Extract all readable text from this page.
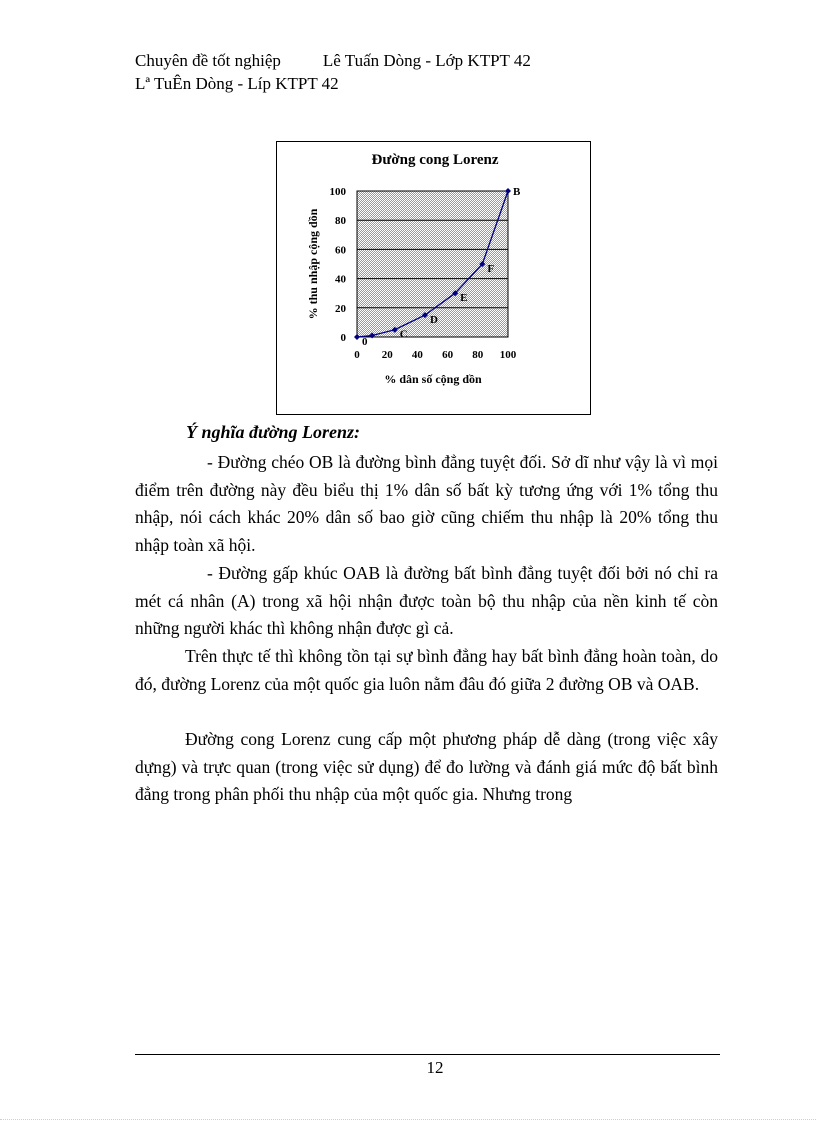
Chuyên đề tốt nghiệp Lê Tuấn Dòng - Lớp KTPT 42
Lª TuÊn Dòng - Líp KTPT 42
Đường cong Lorenz
0
20
40
60
80
100
0 20 40 60 80 100
0
C
D
E
F
B
% dân số cộng dồn
% thu nhập cộng dồn
Ý nghĩa đường Lorenz:

- Đường chéo OB là đường bình đẳng tuyệt đối. Sở dĩ như vậy là vì mọi điểm trên đường này đều biểu thị 1% dân số bất kỳ tương ứng với 1% tổng thu nhập, nói cách khác 20% dân số bao giờ cũng chiếm thu nhập là 20% tổng thu nhập toàn xã hội.

- Đường gấp khúc OAB là đường bất bình đẳng tuyệt đối bởi nó chỉ ra mét cá nhân (A) trong xã hội nhận được toàn bộ thu nhập của nền kinh tế còn những người khác thì không nhận được gì cả.

Trên thực tế thì không tồn tại sự bình đẳng hay bất bình đẳng hoàn toàn, do đó, đường Lorenz của một quốc gia luôn nằm đâu đó giữa 2 đường OB và OAB.

Đường cong Lorenz cung cấp một phương pháp dễ dàng (trong việc xây dựng) và trực quan (trong việc sử dụng) để đo lường và đánh giá mức độ bất bình đẳng trong phân phối thu nhập của một quốc gia. Nhưng trong

12
